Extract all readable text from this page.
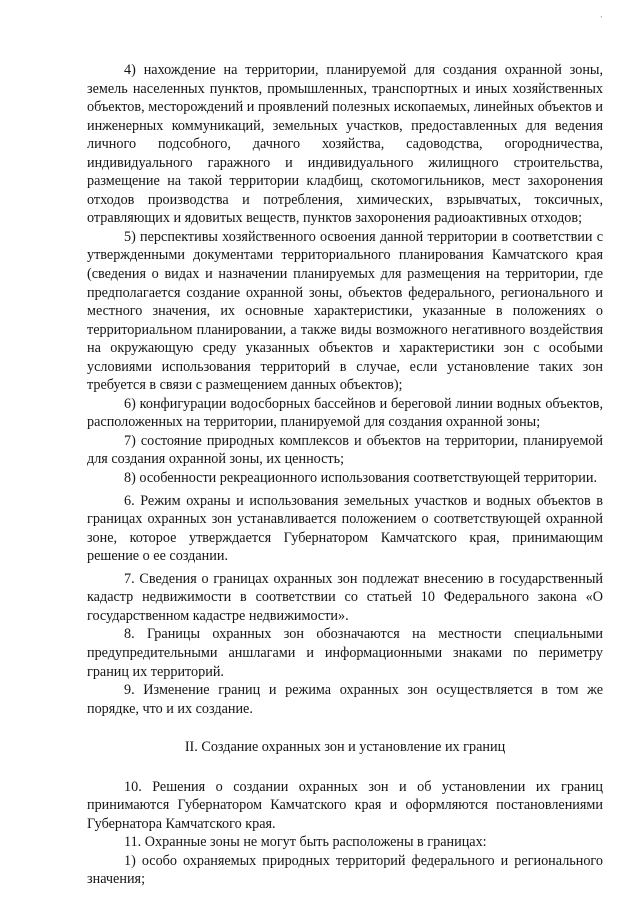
`

4) нахождение на территории, планируемой для создания охранной зоны, земель населенных пунктов, промышленных, транспортных и иных хозяйственных объектов, месторождений и проявлений полезных ископаемых, линейных объектов и инженерных коммуникаций, земельных участков, предоставленных для ведения личного подсобного, дачного хозяйства, садоводства, огородничества, индивидуального гаражного и индивидуального жилищного строительства, размещение на такой территории кладбищ, скотомогильников, мест захоронения отходов производства и потребления, химических, взрывчатых, токсичных, отравляющих и ядовитых веществ, пунктов захоронения радиоактивных отходов;

5) перспективы хозяйственного освоения данной территории в соответствии с утвержденными документами территориального планирования Камчатского края (сведения о видах и назначении планируемых для размещения на территории, где предполагается создание охранной зоны, объектов федерального, регионального и местного значения, их основные характеристики, указанные в положениях о территориальном планировании, а также виды возможного негативного воздействия на окружающую среду указанных объектов и характеристики зон с особыми условиями использования территорий в случае, если установление таких зон требуется в связи с размещением данных объектов);

6) конфигурации водосборных бассейнов и береговой линии водных объектов, расположенных на территории, планируемой для создания охранной зоны;

7) состояние природных комплексов и объектов на территории, планируемой для создания охранной зоны, их ценность;

8) особенности рекреационного использования соответствующей территории.

6. Режим охраны и использования земельных участков и водных объектов в границах охранных зон устанавливается положением о соответствующей охранной зоне, которое утверждается Губернатором Камчатского края, принимающим решение о ее создании.

7. Сведения о границах охранных зон подлежат внесению в государственный кадастр недвижимости в соответствии со статьей 10 Федерального закона «О государственном кадастре недвижимости».

8. Границы охранных зон обозначаются на местности специальными предупредительными аншлагами и информационными знаками по периметру границ их территорий.

9. Изменение границ и режима охранных зон осуществляется в том же порядке, что и их создание.

II. Создание охранных зон и установление их границ

10. Решения о создании охранных зон и об установлении их границ принимаются Губернатором Камчатского края и оформляются постановлениями Губернатора Камчатского края.

11. Охранные зоны не могут быть расположены в границах:

1) особо охраняемых природных территорий федерального и регионального значения;
